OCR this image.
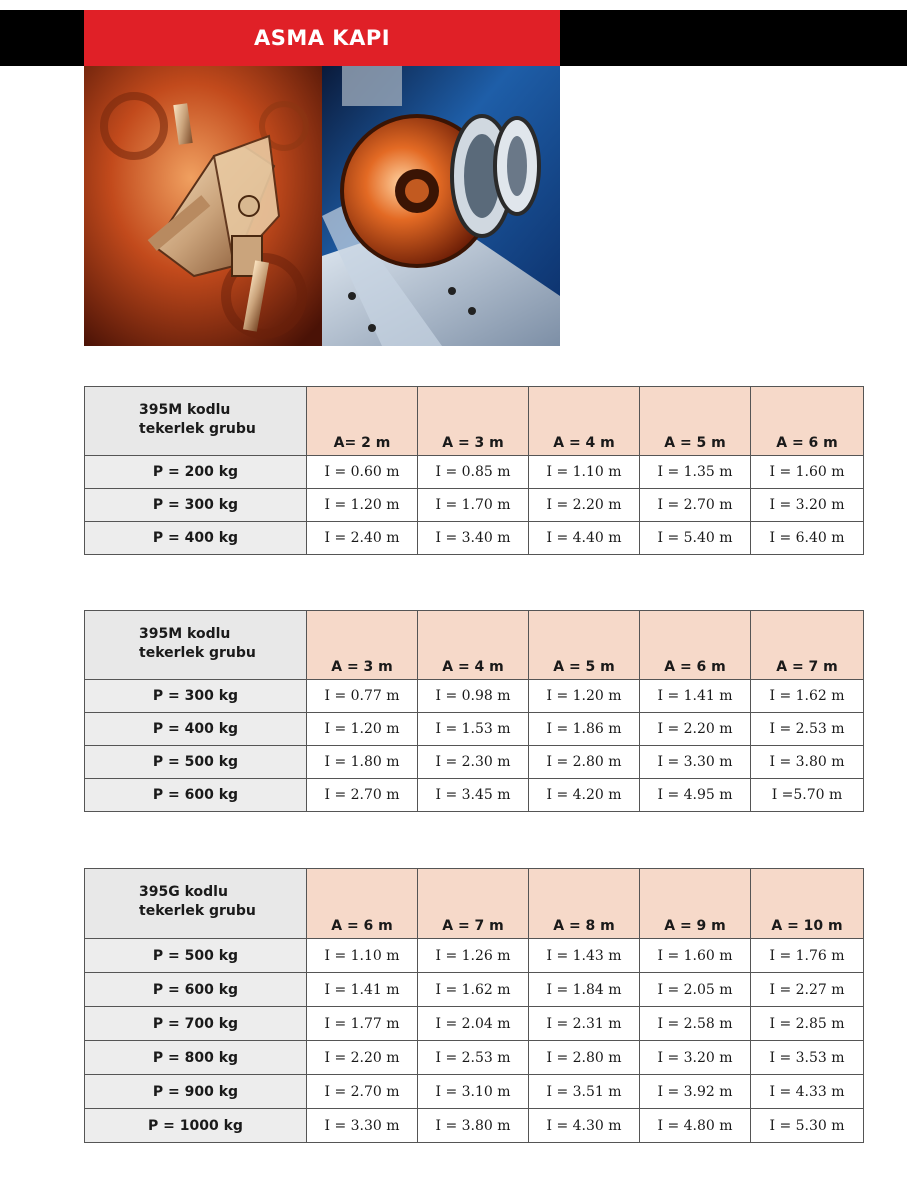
ASMA KAPI
395M kodlu
tekerlek grubu	A= 2 m	A = 3 m	A = 4 m	A = 5 m	A = 6 m
P = 200 kg	I = 0.60 m	I = 0.85 m	I = 1.10 m	I = 1.35 m	I = 1.60 m
P = 300 kg	I = 1.20 m	I = 1.70 m	I = 2.20 m	I = 2.70 m	I = 3.20 m
P = 400 kg	I = 2.40 m	I = 3.40 m	I = 4.40 m	I = 5.40 m	I = 6.40 m
395M kodlu
tekerlek grubu	A = 3 m	A = 4 m	A = 5 m	A = 6 m	A = 7 m
P = 300 kg	I = 0.77 m	I = 0.98 m	I = 1.20 m	I = 1.41 m	I = 1.62 m
P = 400 kg	I = 1.20 m	I = 1.53 m	I = 1.86 m	I = 2.20 m	I = 2.53 m
P = 500 kg	I = 1.80 m	I = 2.30 m	I = 2.80 m	I = 3.30 m	I = 3.80 m
P = 600 kg	I = 2.70 m	I = 3.45 m	I = 4.20 m	I = 4.95 m	I =5.70 m
395G kodlu
tekerlek grubu	A = 6 m	A = 7 m	A = 8 m	A = 9 m	A = 10 m
P = 500 kg	I = 1.10 m	I = 1.26 m	I = 1.43 m	I = 1.60 m	I = 1.76 m
P = 600 kg	I = 1.41 m	I = 1.62 m	I = 1.84 m	I = 2.05 m	I = 2.27 m
P = 700 kg	I = 1.77 m	I = 2.04 m	I = 2.31 m	I = 2.58 m	I = 2.85 m
P = 800 kg	I = 2.20 m	I = 2.53 m	I = 2.80 m	I = 3.20 m	I = 3.53 m
P = 900 kg	I = 2.70 m	I = 3.10 m	I = 3.51 m	I = 3.92 m	I = 4.33 m
P = 1000 kg	I = 3.30 m	I = 3.80 m	I = 4.30 m	I = 4.80 m	I = 5.30 m
